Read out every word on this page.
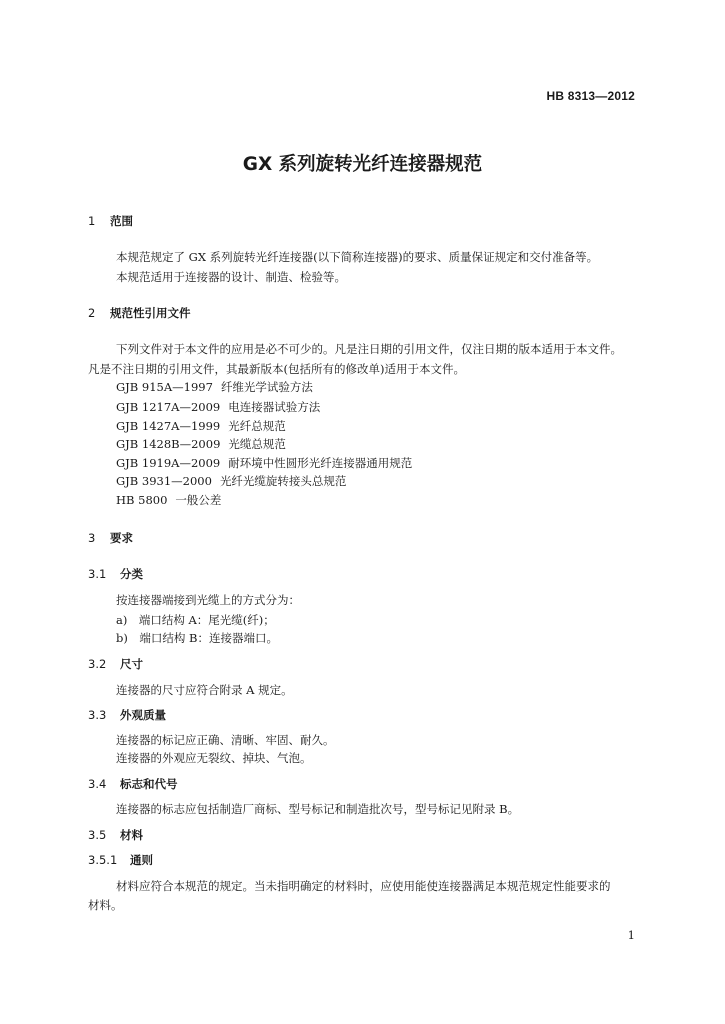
HB 8313—2012
GX 系列旋转光纤连接器规范
1 范围
本规范规定了 GX 系列旋转光纤连接器(以下简称连接器)的要求、质量保证规定和交付准备等。
本规范适用于连接器的设计、制造、检验等。
2 规范性引用文件
下列文件对于本文件的应用是必不可少的。凡是注日期的引用文件，仅注日期的版本适用于本文件。
凡是不注日期的引用文件，其最新版本(包括所有的修改单)适用于本文件。
GJB 915A—1997 纤维光学试验方法
GJB 1217A—2009 电连接器试验方法
GJB 1427A—1999 光纤总规范
GJB 1428B—2009 光缆总规范
GJB 1919A—2009 耐环境中性圆形光纤连接器通用规范
GJB 3931—2000 光纤光缆旋转接头总规范
HB 5800 一般公差
3 要求
3.1 分类
按连接器端接到光缆上的方式分为：
a)　端口结构 A：尾光缆(纤)；
b)　端口结构 B：连接器端口。
3.2 尺寸
连接器的尺寸应符合附录 A 规定。
3.3 外观质量
连接器的标记应正确、清晰、牢固、耐久。
连接器的外观应无裂纹、掉块、气泡。
3.4 标志和代号
连接器的标志应包括制造厂商标、型号标记和制造批次号，型号标记见附录 B。
3.5 材料
3.5.1 通则
材料应符合本规范的规定。当未指明确定的材料时，应使用能使连接器满足本规范规定性能要求的
材料。
1
